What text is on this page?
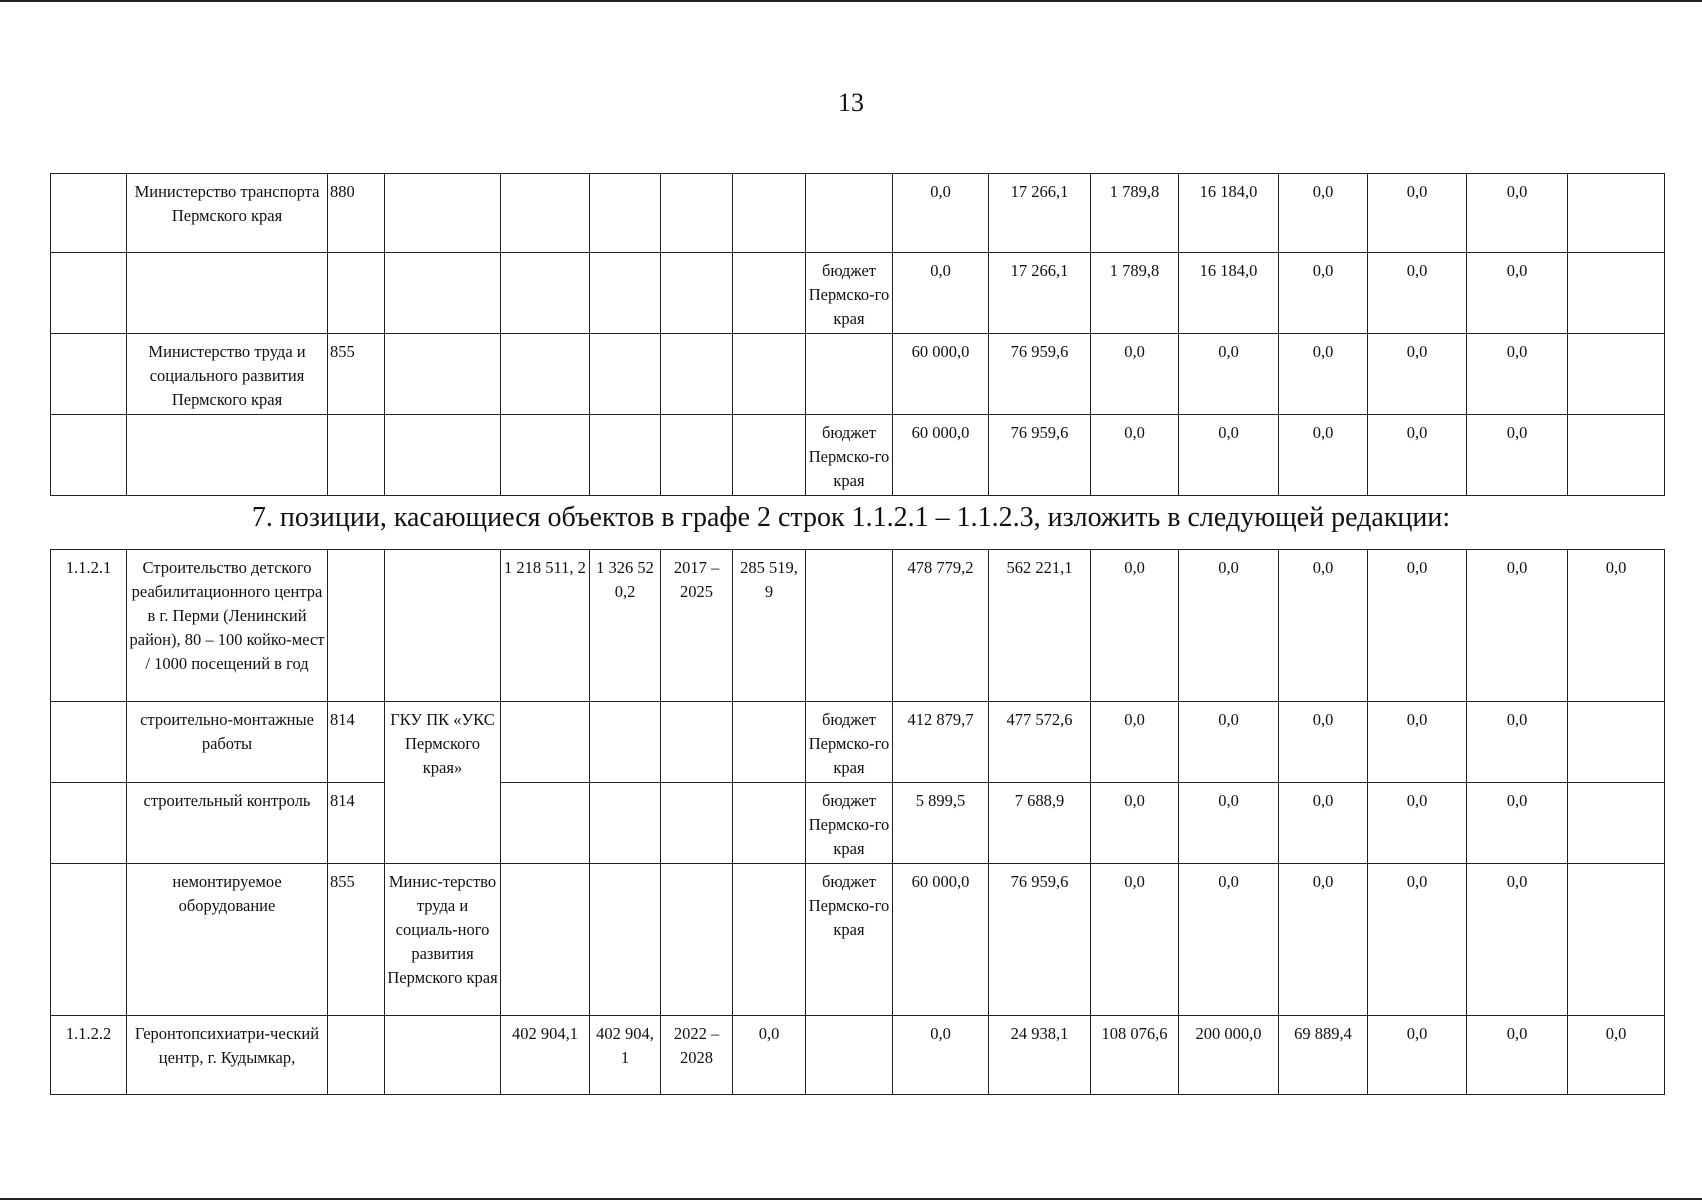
13
	Министерство транспорта Пермского края	880							0,0	17 266,1	1 789,8	16 184,0	0,0	0,0	0,0	
								бюджет Пермско-го края	0,0	17 266,1	1 789,8	16 184,0	0,0	0,0	0,0	
	Министерство труда и социального развития Пермского края	855							60 000,0	76 959,6	0,0	0,0	0,0	0,0	0,0	
								бюджет Пермско-го края	60 000,0	76 959,6	0,0	0,0	0,0	0,0	0,0	
7. позиции, касающиеся объектов в графе 2 строк 1.1.2.1 – 1.1.2.3, изложить в следующей редакции:
1.1.2.1	Строительство детского реабилитационного центра в г. Перми (Ленинский район), 80 – 100 койко-мест / 1000 посещений в год			1 218 511, 2	1 326 52 0,2	2017 – 2025	285 519, 9		478 779,2	562 221,1	0,0	0,0	0,0	0,0	0,0	0,0
	строительно-монтажные работы	814	ГКУ ПК «УКС Пермского края»					бюджет Пермско-го края	412 879,7	477 572,6	0,0	0,0	0,0	0,0	0,0	
	строительный контроль	814						бюджет Пермско-го края	5 899,5	7 688,9	0,0	0,0	0,0	0,0	0,0	
	немонтируемое оборудование	855	Минис-терство труда и социаль-ного развития Пермского края					бюджет Пермско-го края	60 000,0	76 959,6	0,0	0,0	0,0	0,0	0,0	
1.1.2.2	Геронтопсихиатри-ческий центр, г. Кудымкар,			402 904,1	402 904, 1	2022 – 2028	0,0		0,0	24 938,1	108 076,6	200 000,0	69 889,4	0,0	0,0	0,0
